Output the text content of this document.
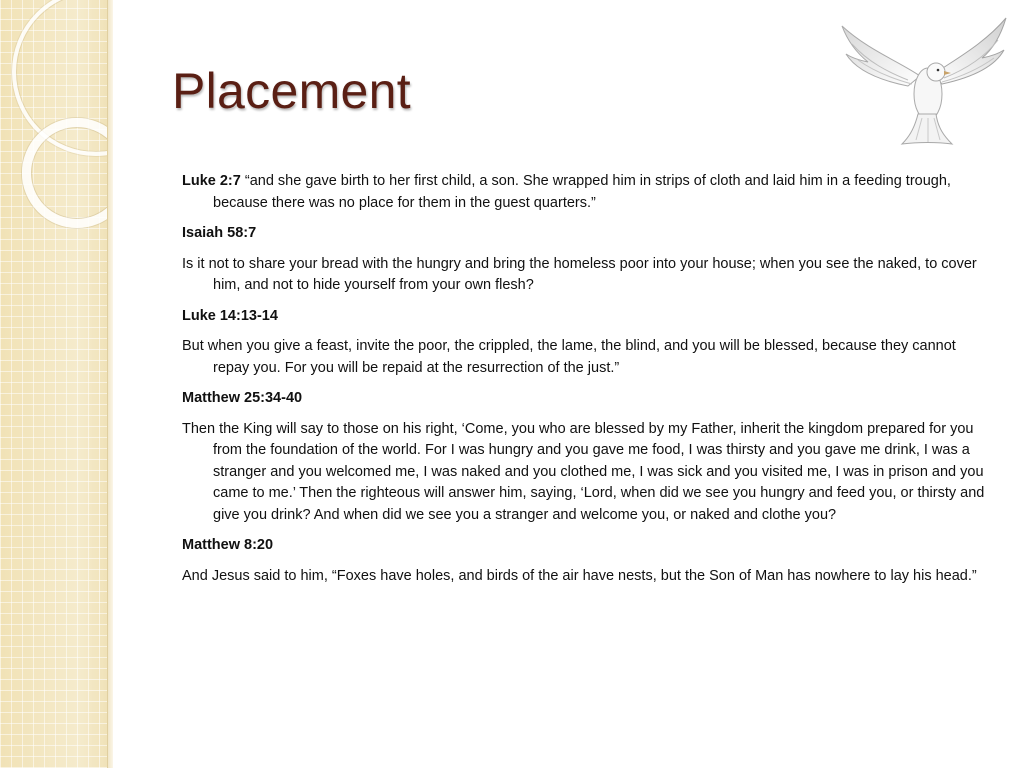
Placement

Luke 2:7 “and she gave birth to her first child, a son. She wrapped him in strips of cloth and laid him in a feeding trough, because there was no place for them in the guest quarters.”

Isaiah 58:7

Is it not to share your bread with the hungry and bring the homeless poor into your house; when you see the naked, to cover him, and not to hide yourself from your own flesh?

Luke 14:13-14

But when you give a feast, invite the poor, the crippled, the lame, the blind, and you will be blessed, because they cannot repay you. For you will be repaid at the resurrection of the just.”

Matthew 25:34-40

Then the King will say to those on his right, ‘Come, you who are blessed by my Father, inherit the kingdom prepared for you from the foundation of the world. For I was hungry and you gave me food, I was thirsty and you gave me drink, I was a stranger and you welcomed me, I was naked and you clothed me, I was sick and you visited me, I was in prison and you came to me.’ Then the righteous will answer him, saying, ‘Lord, when did we see you hungry and feed you, or thirsty and give you drink? And when did we see you a stranger and welcome you, or naked and clothe you?

Matthew 8:20

And Jesus said to him, “Foxes have holes, and birds of the air have nests, but the Son of Man has nowhere to lay his head.”
